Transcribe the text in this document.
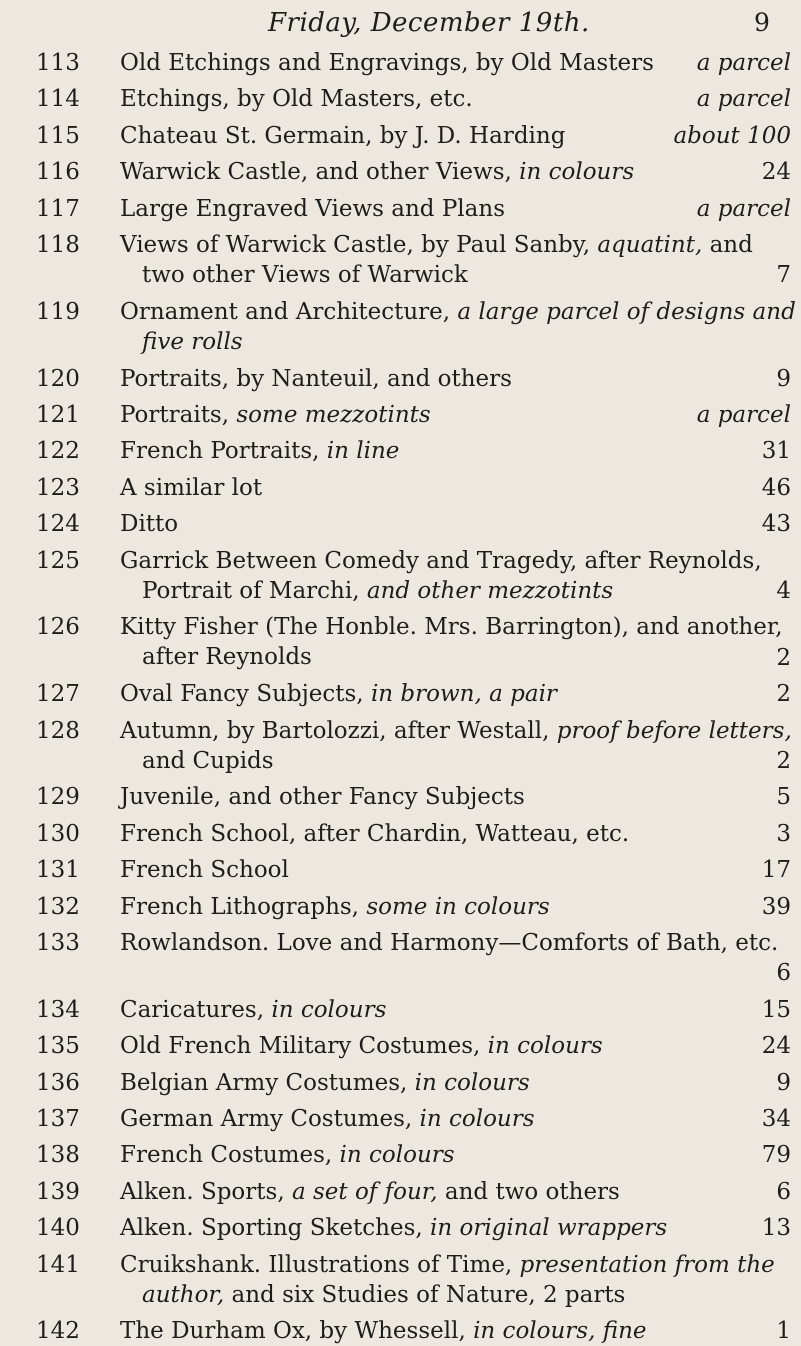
Friday, December 19th.	9
113	Old Etchings and Engravings, by Old Masters	a parcel
114	Etchings, by Old Masters, etc.	a parcel
115	Chateau St. Germain, by J. D. Harding	about 100
116	Warwick Castle, and other Views, in colours	24
117	Large Engraved Views and Plans	a parcel
118	Views of Warwick Castle, by Paul Sanby, aquatint, and
two other Views of Warwick	7
119	Ornament and Architecture, a large parcel of designs and
five rolls
120	Portraits, by Nanteuil, and others	9
121	Portraits, some mezzotints	a parcel
122	French Portraits, in line	31
123	A similar lot	46
124	Ditto	43
125	Garrick Between Comedy and Tragedy, after Reynolds,
Portrait of Marchi, and other mezzotints	4
126	Kitty Fisher (The Honble. Mrs. Barrington), and another,
after Reynolds	2
127	Oval Fancy Subjects, in brown, a pair	2
128	Autumn, by Bartolozzi, after Westall, proof before letters,
and Cupids	2
129	Juvenile, and other Fancy Subjects	5
130	French School, after Chardin, Watteau, etc.	3
131	French School	17
132	French Lithographs, some in colours	39
133	Rowlandson. Love and Harmony—Comforts of Bath, etc.
6
134	Caricatures, in colours	15
135	Old French Military Costumes, in colours	24
136	Belgian Army Costumes, in colours	9
137	German Army Costumes, in colours	34
138	French Costumes, in colours	79
139	Alken. Sports, a set of four, and two others	6
140	Alken. Sporting Sketches, in original wrappers	13
141	Cruikshank. Illustrations of Time, presentation from the
author, and six Studies of Nature, 2 parts
142	The Durham Ox, by Whessell, in colours, fine	1
